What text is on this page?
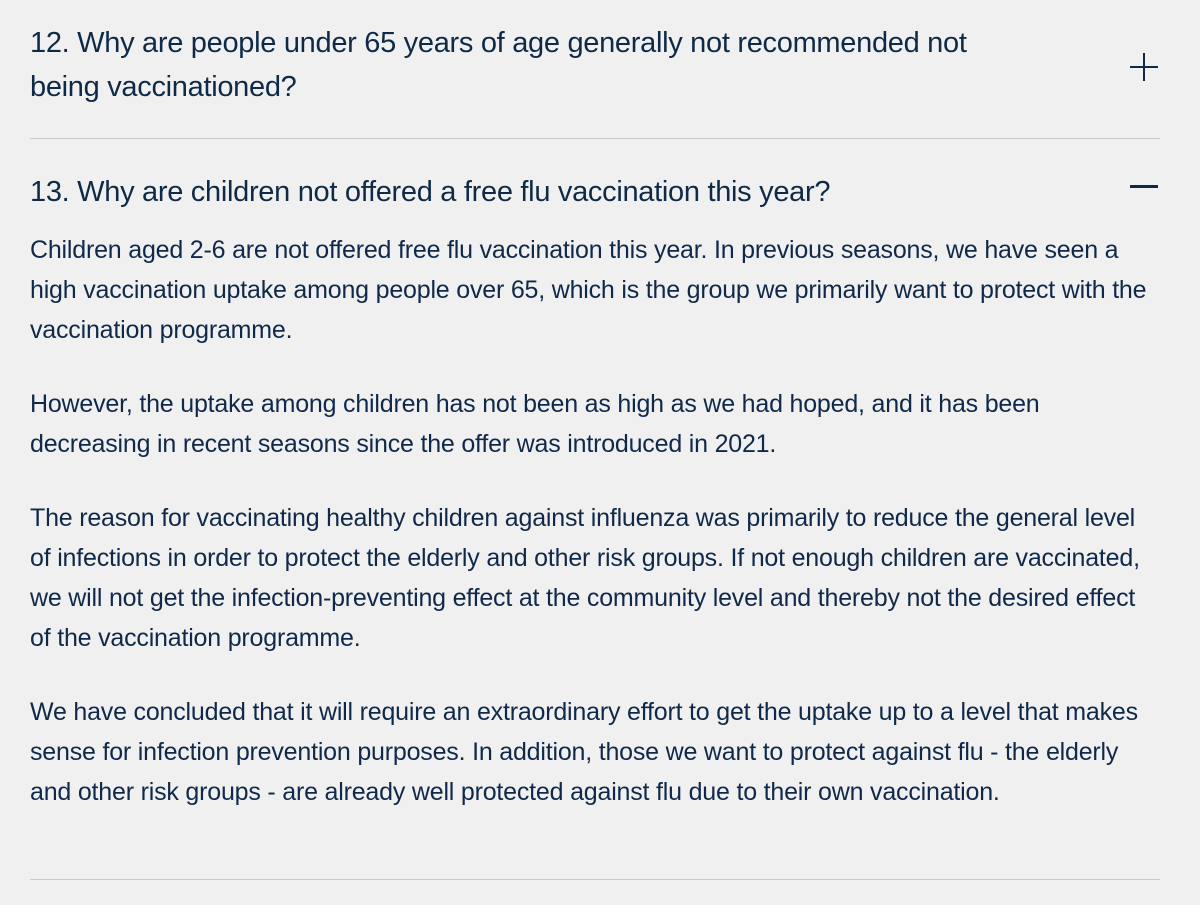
12. Why are people under 65 years of age generally not recommended not being vaccinationed?
13. Why are children not offered a free flu vaccination this year?

Children aged 2-6 are not offered free flu vaccination this year. In previous seasons, we have seen a high vaccination uptake among people over 65, which is the group we primarily want to protect with the vaccination programme.

However, the uptake among children has not been as high as we had hoped, and it has been decreasing in recent seasons since the offer was introduced in 2021.

The reason for vaccinating healthy children against influenza was primarily to reduce the general level of infections in order to protect the elderly and other risk groups. If not enough children are vaccinated, we will not get the infection-preventing effect at the community level and thereby not the desired effect of the vaccination programme.

We have concluded that it will require an extraordinary effort to get the uptake up to a level that makes sense for infection prevention purposes. In addition, those we want to protect against flu - the elderly and other risk groups - are already well protected against flu due to their own vaccination.
